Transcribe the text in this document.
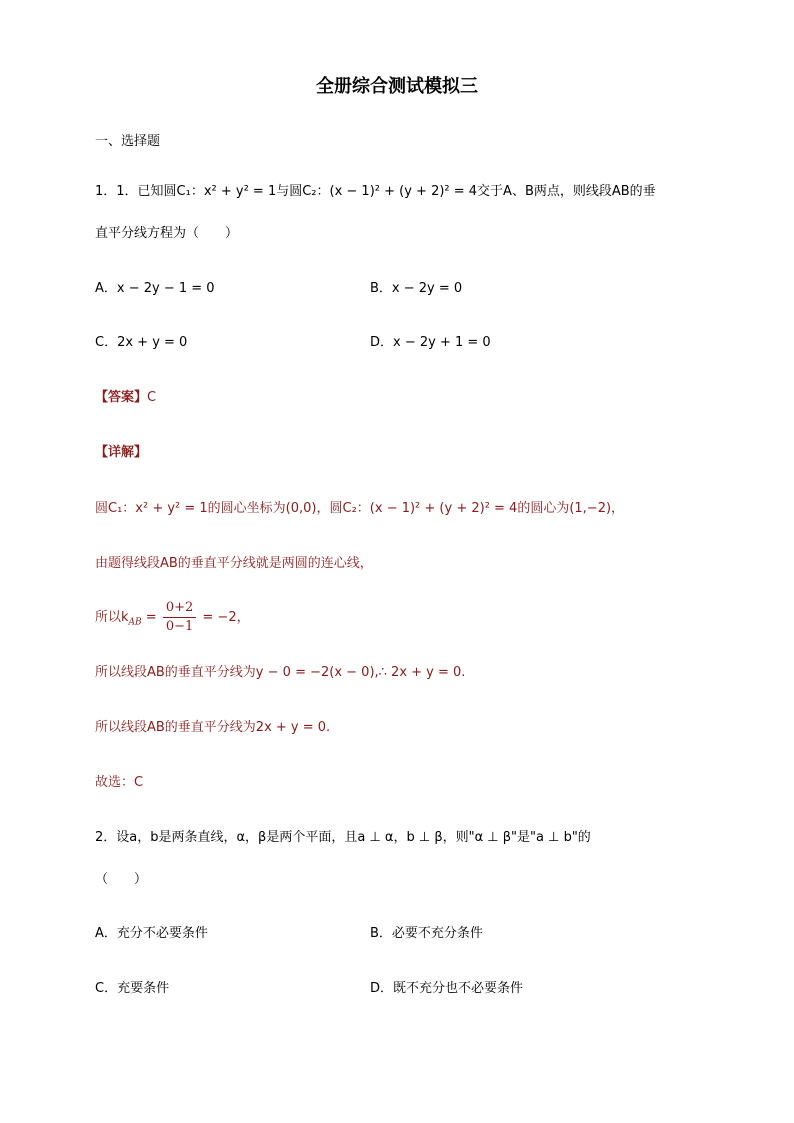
全册综合测试模拟三
一、选择题
1．1．已知圆C₁：x² + y² = 1与圆C₂：(x − 1)² + (y + 2)² = 4交于A、B两点，则线段AB的垂
直平分线方程为（　　）
A．x − 2y − 1 = 0	B．x − 2y = 0
C．2x + y = 0	D．x − 2y + 1 = 0
【答案】C
【详解】
圆C₁：x² + y² = 1的圆心坐标为(0,0)，圆C₂：(x − 1)² + (y + 2)² = 4的圆心为(1,−2)，
由题得线段AB的垂直平分线就是两圆的连心线，
所以$k_{AB} = \frac{0+2}{0-1} = -2$，
所以线段AB的垂直平分线为y − 0 = −2(x − 0),∴ 2x + y = 0.
所以线段AB的垂直平分线为2x + y = 0.
故选：C
2．设a，b是两条直线，α，β是两个平面，且a ⊥ α，b ⊥ β，则"α ⊥ β"是"a ⊥ b"的
（　　）
A．充分不必要条件	B．必要不充分条件
C．充要条件	D．既不充分也不必要条件
